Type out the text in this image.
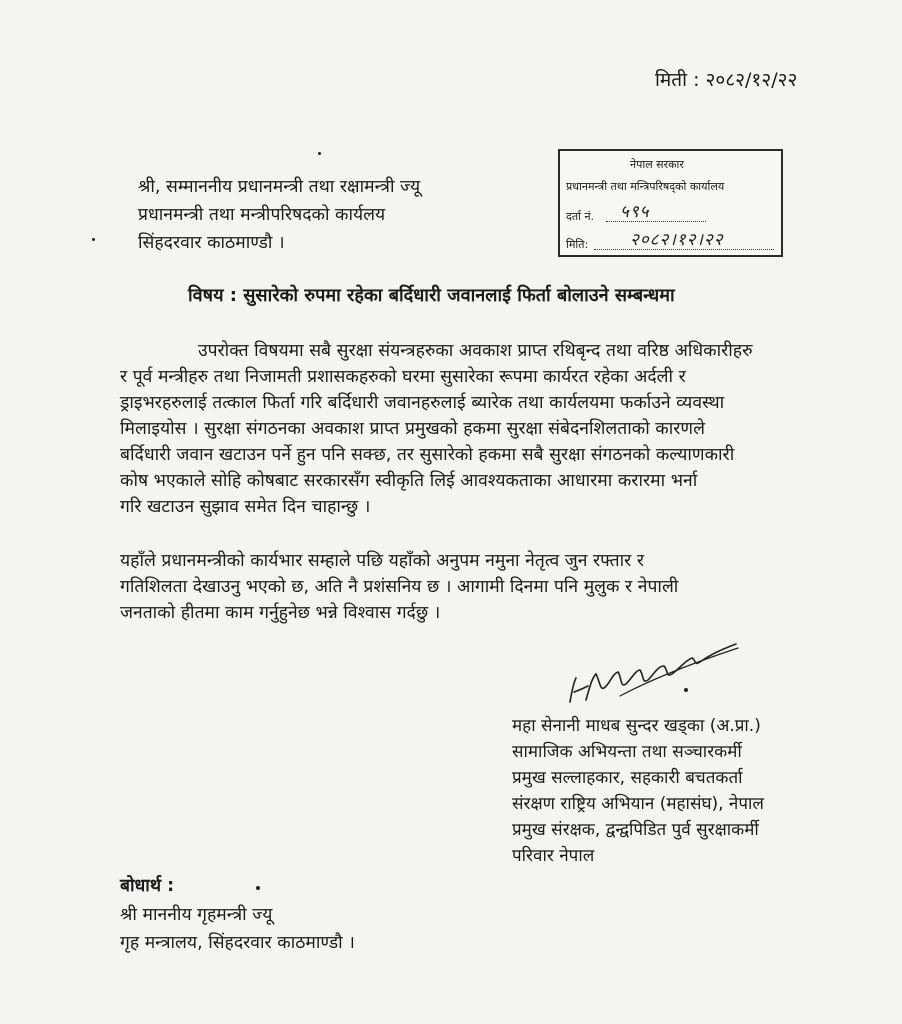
मिती : २०८२/१२/२२
श्री, सम्माननीय प्रधानमन्त्री तथा रक्षामन्त्री ज्यू
प्रधानमन्त्री तथा मन्त्रीपरिषदको कार्यलय
सिंहदरवार काठमाण्डौ ।
नेपाल सरकार
प्रधानमन्त्री तथा मन्त्रिपरिषद्‌को कार्यालय
दर्ता नं. ५९५
मिति: २०८२।१२।२२
विषय : सुसारेको रुपमा रहेका बर्दिधारी जवानलाई फिर्ता बोलाउने सम्बन्धमा
उपरोक्त विषयमा सबै सुरक्षा संयन्त्रहरुका अवकाश प्राप्त रथिबृन्द तथा वरिष्ठ अधिकारीहरु
र पूर्व मन्त्रीहरु तथा निजामती प्रशासकहरुको घरमा सुसारेका रूपमा कार्यरत रहेका अर्दली र
ड्राइभरहरुलाई तत्काल फिर्ता गरि बर्दिधारी जवानहरुलाई ब्यारेक तथा कार्यलयमा फर्काउने व्यवस्था
मिलाइयोस । सुरक्षा संगठनका अवकाश प्राप्त प्रमुखको हकमा सुरक्षा संबेदनशिलताको कारणले
बर्दिधारी जवान खटाउन पर्ने हुन पनि सक्छ, तर सुसारेको हकमा सबै सुरक्षा संगठनको कल्याणकारी
कोष भएकाले सोहि कोषबाट सरकारसँग स्वीकृति लिई आवश्यकताका आधारमा करारमा भर्ना
गरि खटाउन सुझाव समेत दिन चाहान्छु ।
यहाँले प्रधानमन्त्रीको कार्यभार सम्हाले पछि यहाँको अनुपम नमुना नेतृत्व जुन रफ्तार र
गतिशिलता देखाउनु भएको छ, अति नै प्रशंसनिय छ । आगामी दिनमा पनि मुलुक र नेपाली
जनताको हीतमा काम गर्नुहुनेछ भन्ने विश्वास गर्दछु ।
महा सेनानी माधब सुन्दर खड्का (अ.प्रा.)
सामाजिक अभियन्ता तथा सञ्चारकर्मी
प्रमुख सल्लाहकार, सहकारी बचतकर्ता
संरक्षण राष्ट्रिय अभियान (महासंघ), नेपाल
प्रमुख संरक्षक, द्वन्द्वपिडित पुर्व सुरक्षाकर्मी
परिवार नेपाल
बोधार्थ :
श्री माननीय गृहमन्त्री ज्यू
गृह मन्त्रालय, सिंहदरवार काठमाण्डौ ।
